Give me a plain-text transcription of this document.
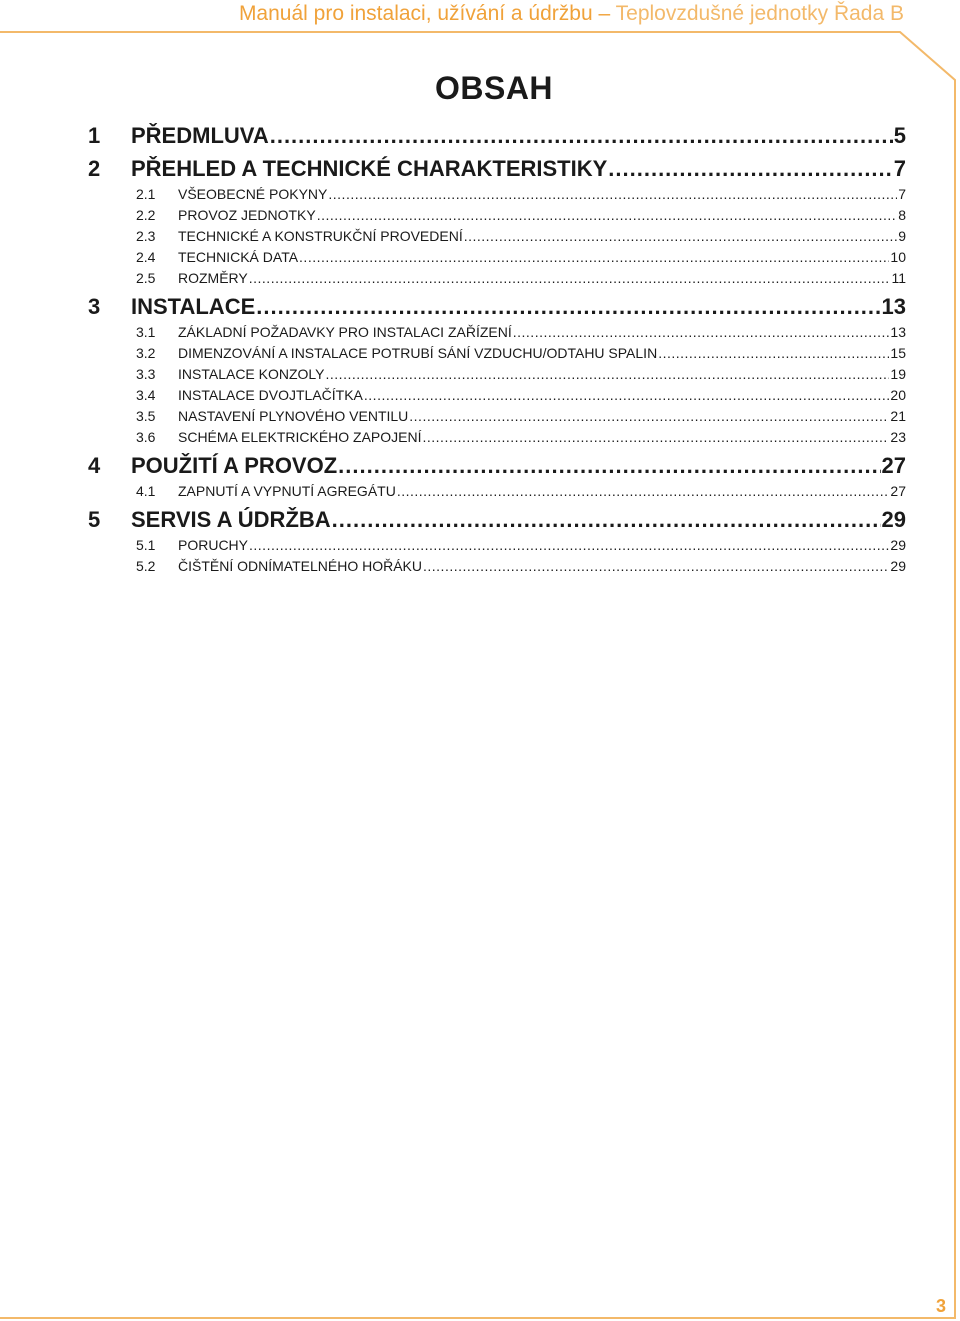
Manuál pro instalaci, užívání a údržbu – Teplovzdušné jednotky Řada B
OBSAH
1	PŘEDMLUVA .....	5
2	PŘEHLED A TECHNICKÉ CHARAKTERISTIKY .....	7
2.1	VŠEOBECNÉ POKYNY .....	7
2.2	PROVOZ JEDNOTKY .....	8
2.3	TECHNICKÉ A KONSTRUKČNÍ PROVEDENÍ .....	9
2.4	TECHNICKÁ DATA .....	10
2.5	ROZMĚRY .....	11
3	INSTALACE .....	13
3.1	ZÁKLADNÍ POŽADAVKY PRO INSTALACI ZAŘÍZENÍ .....	13
3.2	DIMENZOVÁNÍ A INSTALACE POTRUBÍ SÁNÍ VZDUCHU/ODTAHU SPALIN .....	15
3.3	INSTALACE KONZOLY .....	19
3.4	INSTALACE DVOJTLAČÍTKA .....	20
3.5	NASTAVENÍ PLYNOVÉHO VENTILU .....	21
3.6	SCHÉMA ELEKTRICKÉHO ZAPOJENÍ .....	23
4	POUŽITÍ A PROVOZ .....	27
4.1	ZAPNUTÍ A VYPNUTÍ AGREGÁTU .....	27
5	SERVIS A ÚDRŽBA .....	29
5.1	PORUCHY .....	29
5.2	ČIŠTĚNÍ ODNÍMATELNÉHO HOŘÁKU .....	29
3
